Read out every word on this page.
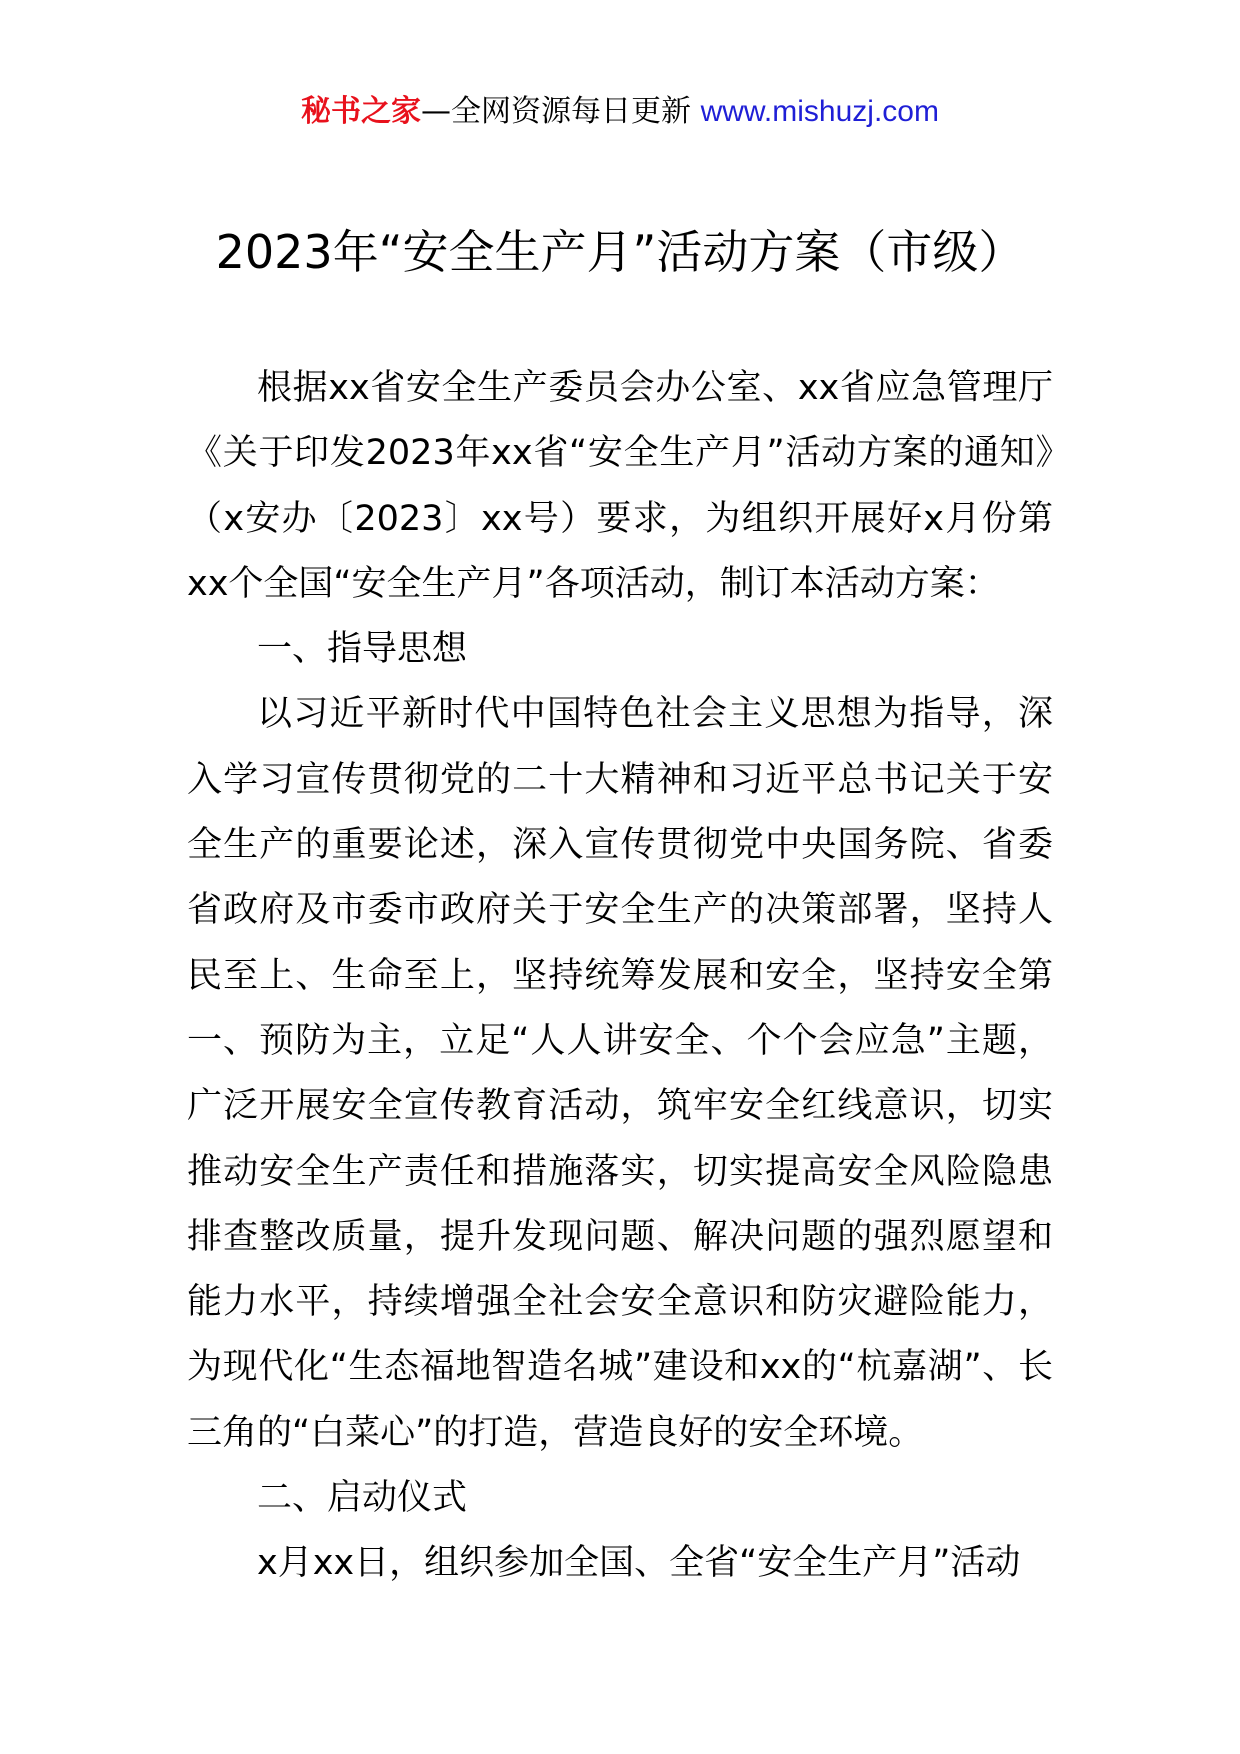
秘书之家—全网资源每日更新 www.mishuzj.com
2023年“安全生产月”活动方案（市级）

根据xx省安全生产委员会办公室、xx省应急管理厅《关于印发2023年xx省“安全生产月”活动方案的通知》（x安办〔2023〕xx号）要求，为组织开展好x月份第xx个全国“安全生产月”各项活动，制订本活动方案：

一、指导思想

以习近平新时代中国特色社会主义思想为指导，深入学习宣传贯彻党的二十大精神和习近平总书记关于安全生产的重要论述，深入宣传贯彻党中央国务院、省委省政府及市委市政府关于安全生产的决策部署，坚持人民至上、生命至上，坚持统筹发展和安全，坚持安全第一、预防为主，立足“人人讲安全、个个会应急”主题，广泛开展安全宣传教育活动，筑牢安全红线意识，切实推动安全生产责任和措施落实，切实提高安全风险隐患排查整改质量，提升发现问题、解决问题的强烈愿望和能力水平，持续增强全社会安全意识和防灾避险能力，为现代化“生态福地智造名城”建设和xx的“杭嘉湖”、长三角的“白菜心”的打造，营造良好的安全环境。

二、启动仪式

x月xx日，组织参加全国、全省“安全生产月”活动
